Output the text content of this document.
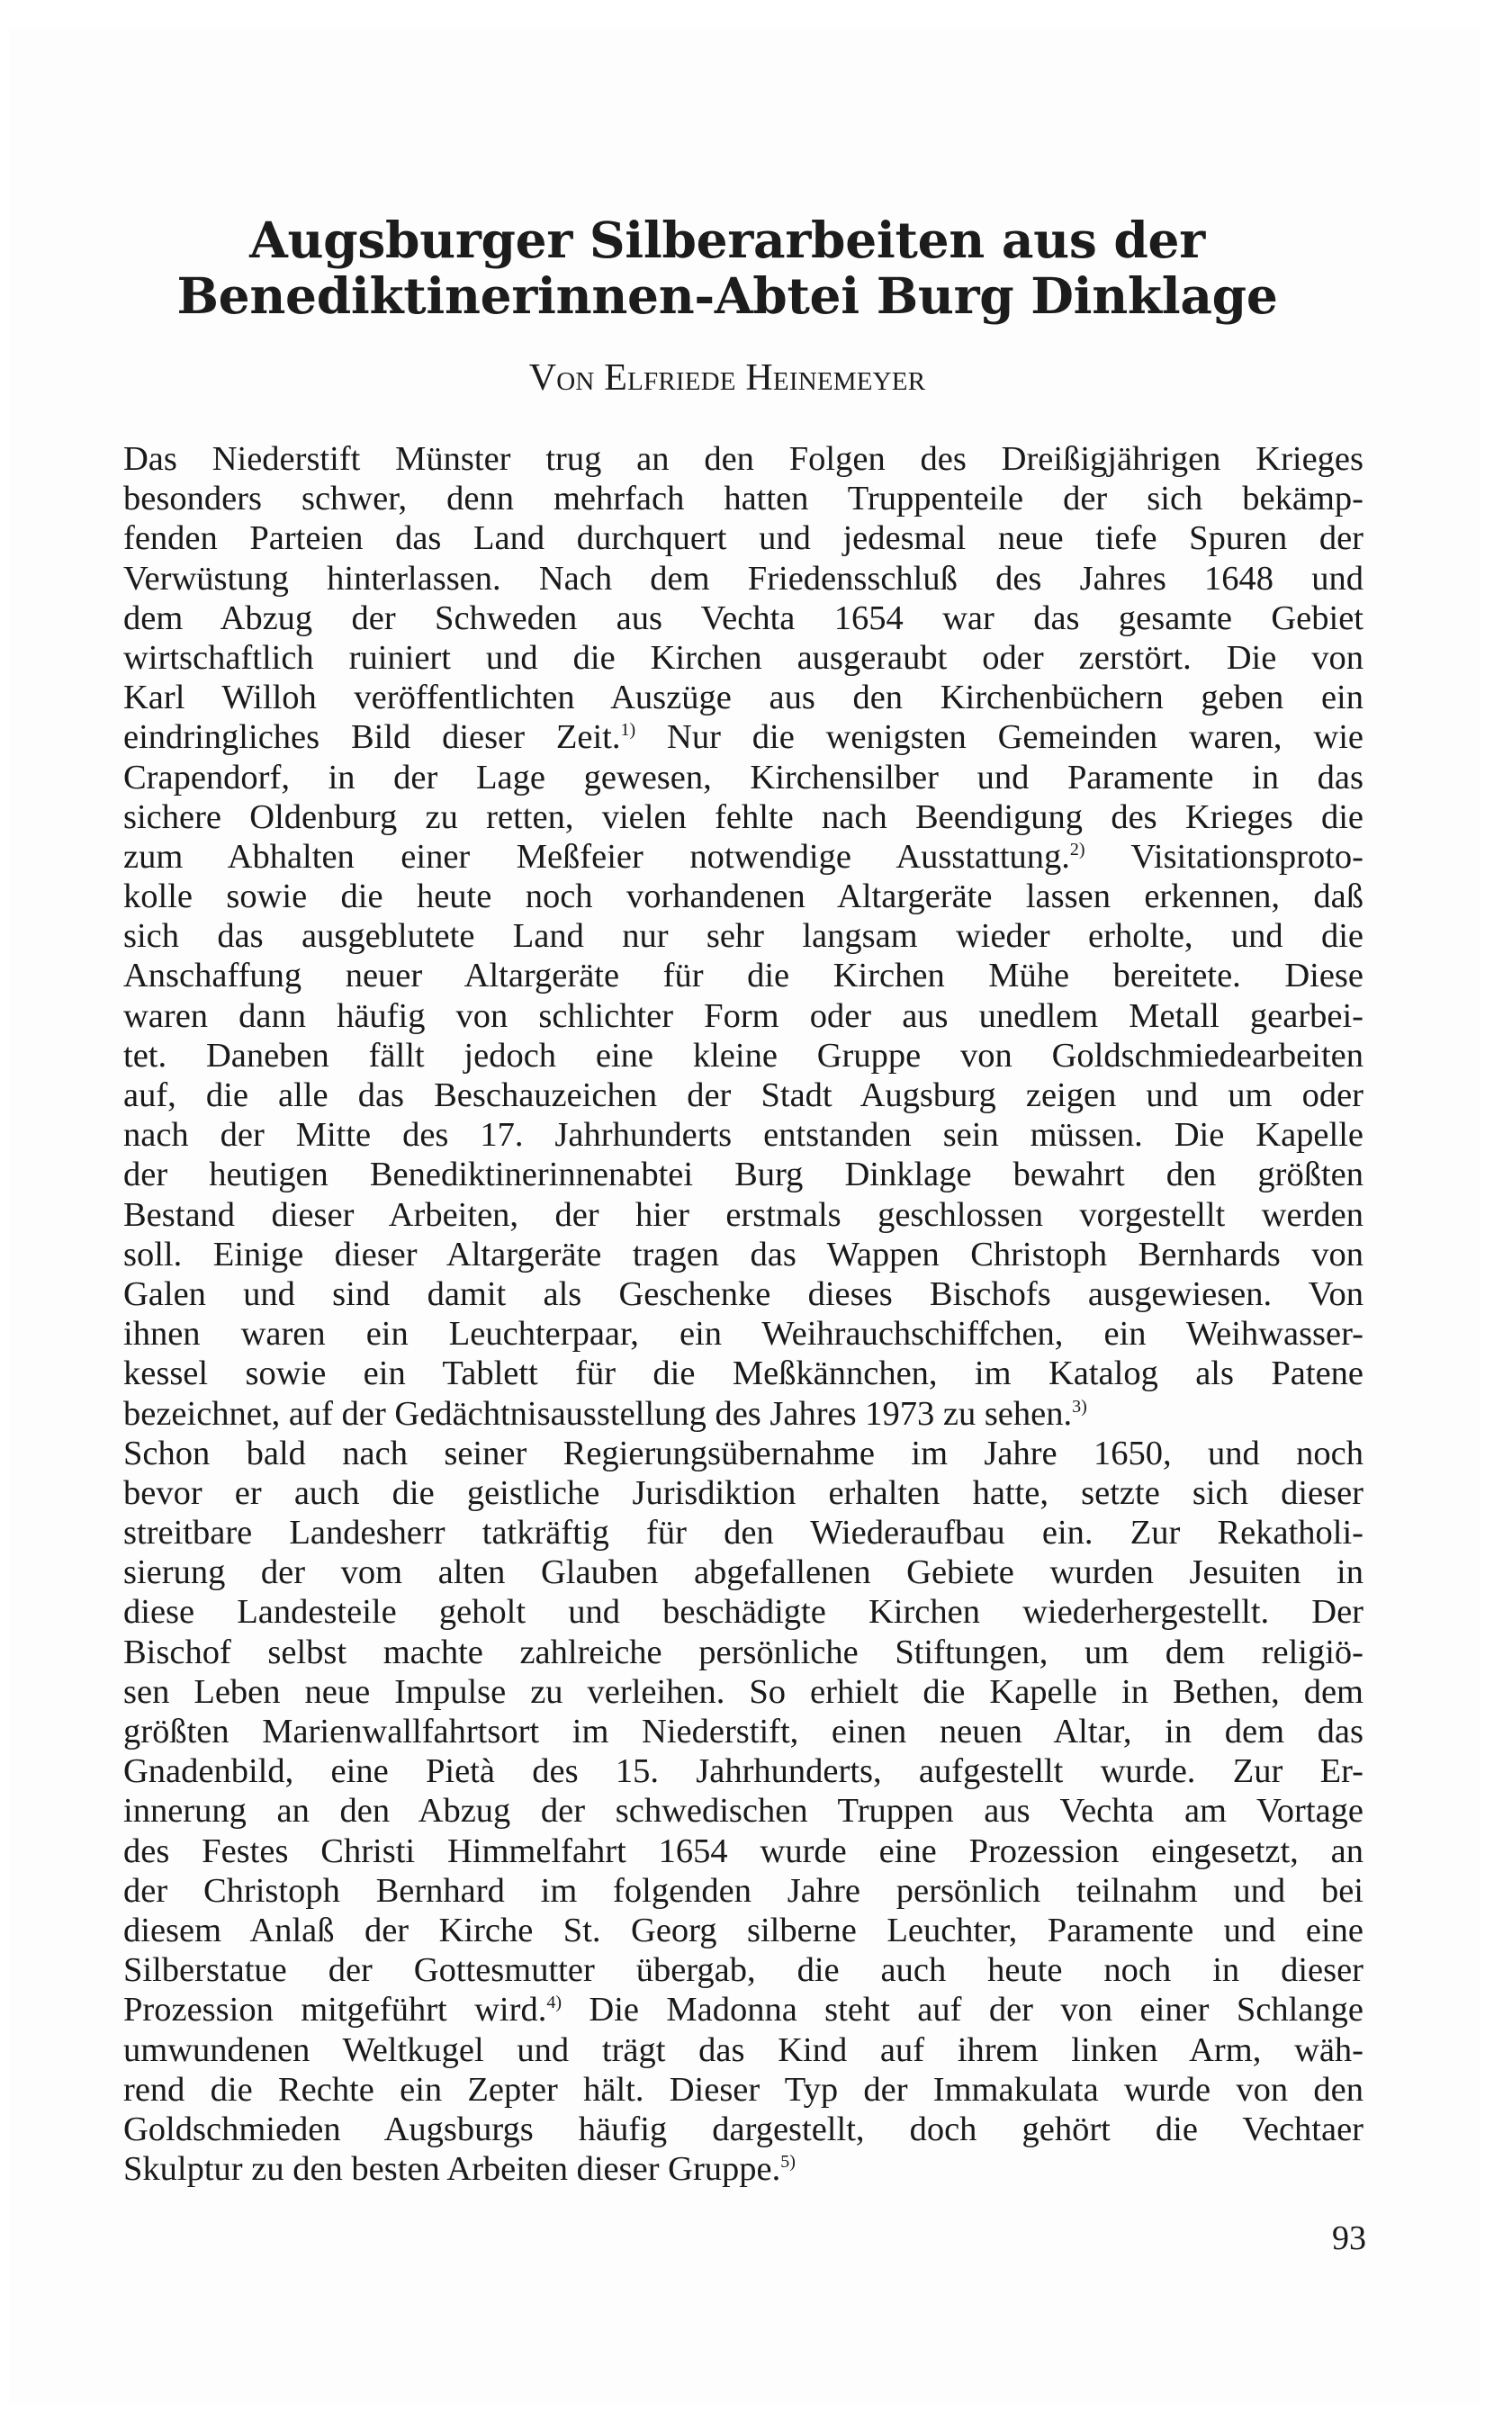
Augsburger Silberarbeiten aus der
Benediktinerinnen-Abtei Burg Dinklage
Von Elfriede Heinemeyer
Das Niederstift Münster trug an den Folgen des Dreißigjährigen Krieges
besonders schwer, denn mehrfach hatten Truppenteile der sich bekämp-
fenden Parteien das Land durchquert und jedesmal neue tiefe Spuren der
Verwüstung hinterlassen. Nach dem Friedensschluß des Jahres 1648 und
dem Abzug der Schweden aus Vechta 1654 war das gesamte Gebiet
wirtschaftlich ruiniert und die Kirchen ausgeraubt oder zerstört. Die von
Karl Willoh veröffentlichten Auszüge aus den Kirchenbüchern geben ein
eindringliches Bild dieser Zeit.$^{1)}$ Nur die wenigsten Gemeinden waren, wie
Crapendorf, in der Lage gewesen, Kirchensilber und Paramente in das
sichere Oldenburg zu retten, vielen fehlte nach Beendigung des Krieges die
zum Abhalten einer Meßfeier notwendige Ausstattung.$^{2)}$ Visitationsproto-
kolle sowie die heute noch vorhandenen Altargeräte lassen erkennen, daß
sich das ausgeblutete Land nur sehr langsam wieder erholte, und die
Anschaffung neuer Altargeräte für die Kirchen Mühe bereitete. Diese
waren dann häufig von schlichter Form oder aus unedlem Metall gearbei-
tet. Daneben fällt jedoch eine kleine Gruppe von Goldschmiedearbeiten
auf, die alle das Beschauzeichen der Stadt Augsburg zeigen und um oder
nach der Mitte des 17. Jahrhunderts entstanden sein müssen. Die Kapelle
der heutigen Benediktinerinnenabtei Burg Dinklage bewahrt den größten
Bestand dieser Arbeiten, der hier erstmals geschlossen vorgestellt werden
soll. Einige dieser Altargeräte tragen das Wappen Christoph Bernhards von
Galen und sind damit als Geschenke dieses Bischofs ausgewiesen. Von
ihnen waren ein Leuchterpaar, ein Weihrauchschiffchen, ein Weihwasser-
kessel sowie ein Tablett für die Meßkännchen, im Katalog als Patene
bezeichnet, auf der Gedächtnisausstellung des Jahres 1973 zu sehen.$^{3)}$
Schon bald nach seiner Regierungsübernahme im Jahre 1650, und noch
bevor er auch die geistliche Jurisdiktion erhalten hatte, setzte sich dieser
streitbare Landesherr tatkräftig für den Wiederaufbau ein. Zur Rekatholi-
sierung der vom alten Glauben abgefallenen Gebiete wurden Jesuiten in
diese Landesteile geholt und beschädigte Kirchen wiederhergestellt. Der
Bischof selbst machte zahlreiche persönliche Stiftungen, um dem religiö-
sen Leben neue Impulse zu verleihen. So erhielt die Kapelle in Bethen, dem
größten Marienwallfahrtsort im Niederstift, einen neuen Altar, in dem das
Gnadenbild, eine Pietà des 15. Jahrhunderts, aufgestellt wurde. Zur Er-
innerung an den Abzug der schwedischen Truppen aus Vechta am Vortage
des Festes Christi Himmelfahrt 1654 wurde eine Prozession eingesetzt, an
der Christoph Bernhard im folgenden Jahre persönlich teilnahm und bei
diesem Anlaß der Kirche St. Georg silberne Leuchter, Paramente und eine
Silberstatue der Gottesmutter übergab, die auch heute noch in dieser
Prozession mitgeführt wird.$^{4)}$ Die Madonna steht auf der von einer Schlange
umwundenen Weltkugel und trägt das Kind auf ihrem linken Arm, wäh-
rend die Rechte ein Zepter hält. Dieser Typ der Immakulata wurde von den
Goldschmieden Augsburgs häufig dargestellt, doch gehört die Vechtaer
Skulptur zu den besten Arbeiten dieser Gruppe.$^{5)}$
93
